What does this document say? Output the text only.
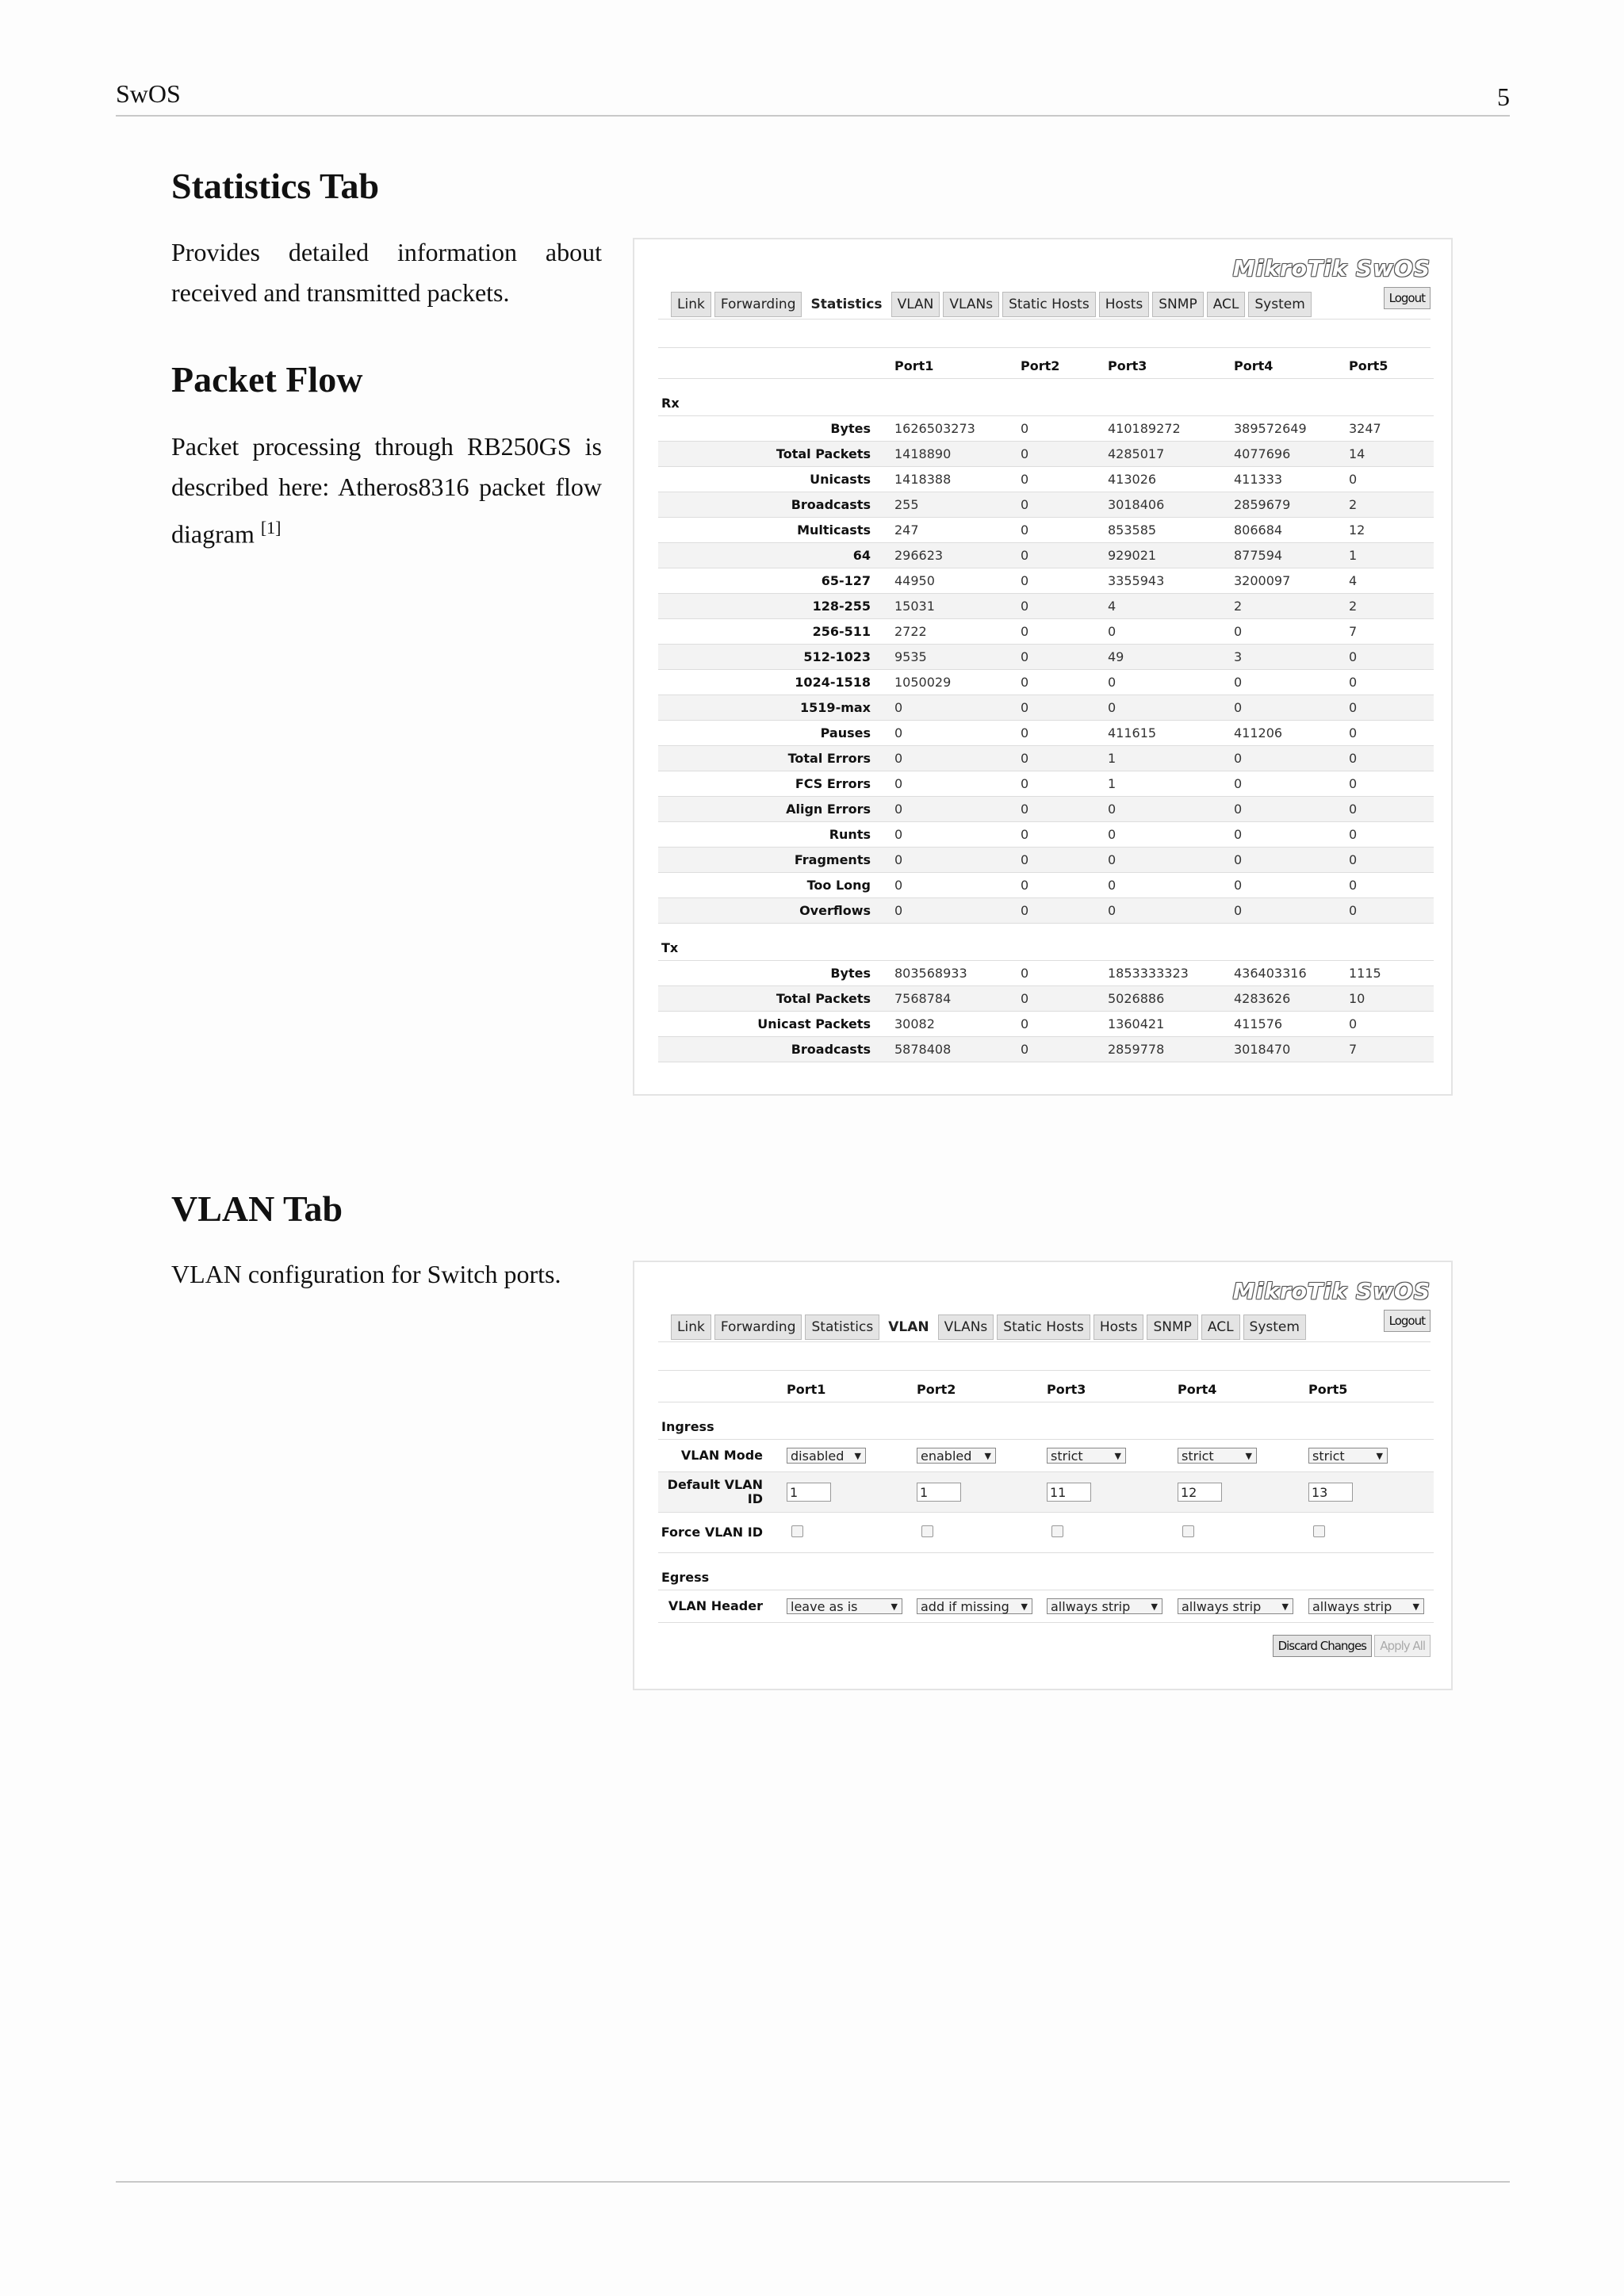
SwOS	5
Statistics Tab

Provides detailed information about received and transmitted packets.

Packet Flow

Packet processing through RB250GS is described here: Atheros8316 packet flow diagram [1]

MikroTik SwOS
Link	Forwarding	Statistics	VLAN	VLANs	Static Hosts	Hosts	SNMP	ACL	System	Logout
	Port1	Port2	Port3	Port4	Port5	
Rx						
Bytes	1626503273	0	410189272	389572649	3247	
Total Packets	1418890	0	4285017	4077696	14	
Unicasts	1418388	0	413026	411333	0	
Broadcasts	255	0	3018406	2859679	2	
Multicasts	247	0	853585	806684	12	
64	296623	0	929021	877594	1	
65-127	44950	0	3355943	3200097	4	
128-255	15031	0	4	2	2	
256-511	2722	0	0	0	7	
512-1023	9535	0	49	3	0	
1024-1518	1050029	0	0	0	0	
1519-max	0	0	0	0	0	
Pauses	0	0	411615	411206	0	
Total Errors	0	0	1	0	0	
FCS Errors	0	0	1	0	0	
Align Errors	0	0	0	0	0	
Runts	0	0	0	0	0	
Fragments	0	0	0	0	0	
Too Long	0	0	0	0	0	
Overflows	0	0	0	0	0	
Tx						
Bytes	803568933	0	1853333323	436403316	1115	
Total Packets	7568784	0	5026886	4283626	10	
Unicast Packets	30082	0	1360421	411576	0	
Broadcasts	5878408	0	2859778	3018470	7	
VLAN Tab

VLAN configuration for Switch ports.

MikroTik SwOS
Link	Forwarding	Statistics	VLAN	VLANs	Static Hosts	Hosts	SNMP	ACL	System	Logout
	Port1	Port2	Port3	Port4	Port5
Ingress					
VLAN Mode	disabled ▼	enabled ▼	strict ▼	strict ▼	strict ▼
Default VLAN ID	1	1	11	12	13
Force VLAN ID					
Egress					
VLAN Header	leave as is ▼	add if missing ▼	allways strip ▼	allways strip ▼	allways strip ▼
Discard Changes	Apply All
